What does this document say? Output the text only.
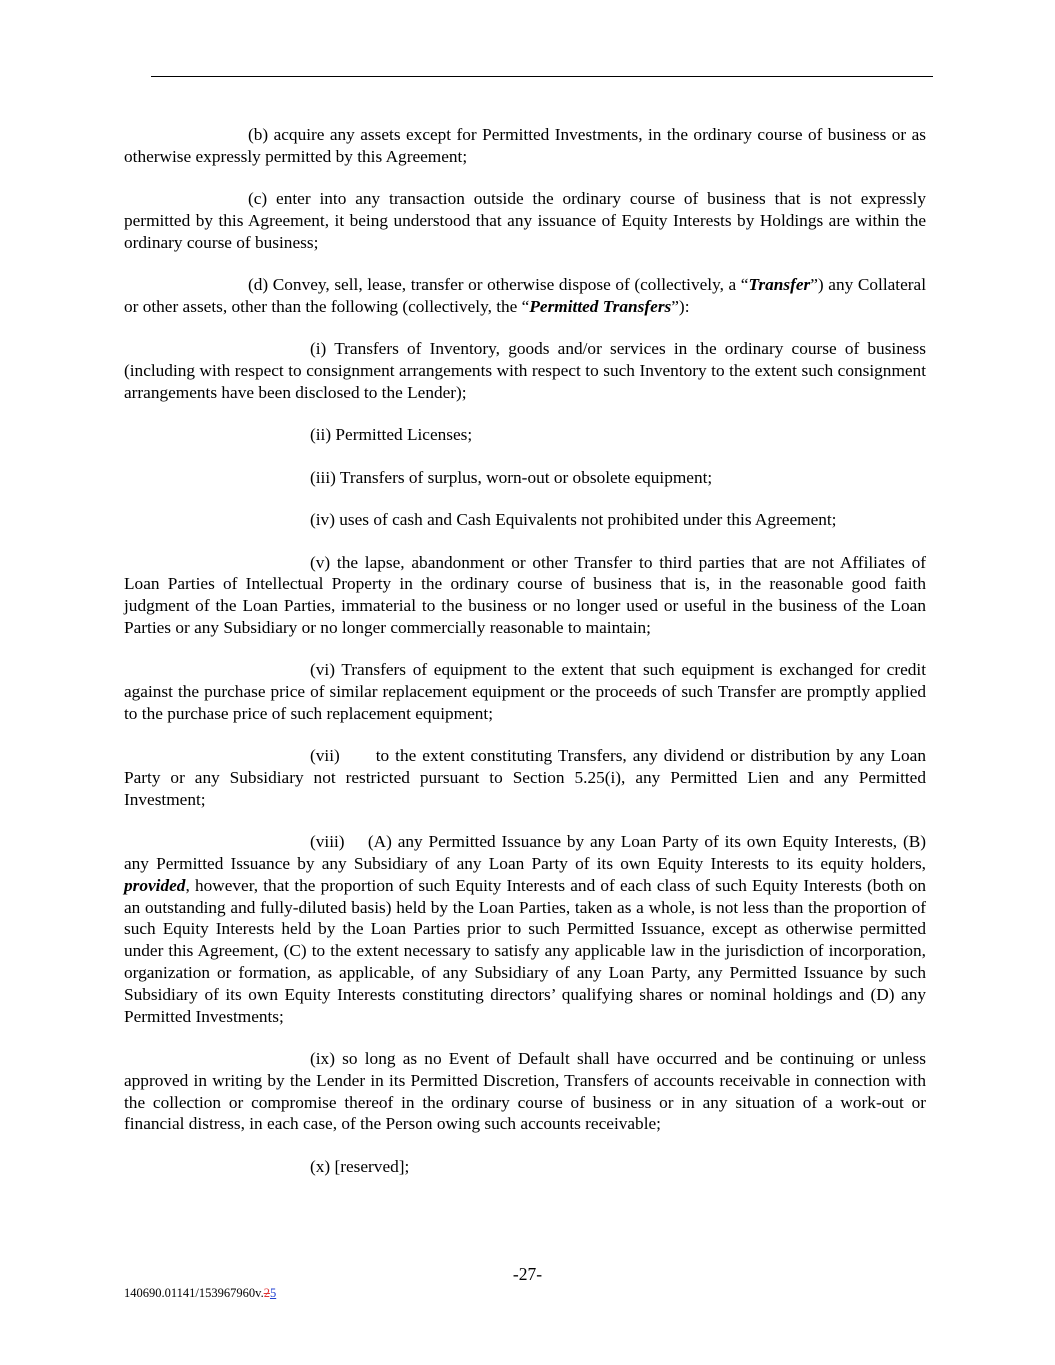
(b) acquire any assets except for Permitted Investments, in the ordinary course of business or as otherwise expressly permitted by this Agreement;

(c) enter into any transaction outside the ordinary course of business that is not expressly permitted by this Agreement, it being understood that any issuance of Equity Interests by Holdings are within the ordinary course of business;

(d) Convey, sell, lease, transfer or otherwise dispose of (collectively, a “Transfer”) any Collateral or other assets, other than the following (collectively, the “Permitted Transfers”):

(i) Transfers of Inventory, goods and/or services in the ordinary course of business (including with respect to consignment arrangements with respect to such Inventory to the extent such consignment arrangements have been disclosed to the Lender);

(ii) Permitted Licenses;

(iii) Transfers of surplus, worn-out or obsolete equipment;

(iv) uses of cash and Cash Equivalents not prohibited under this Agreement;

(v) the lapse, abandonment or other Transfer to third parties that are not Affiliates of Loan Parties of Intellectual Property in the ordinary course of business that is, in the reasonable good faith judgment of the Loan Parties, immaterial to the business or no longer used or useful in the business of the Loan Parties or any Subsidiary or no longer commercially reasonable to maintain;

(vi) Transfers of equipment to the extent that such equipment is exchanged for credit against the purchase price of similar replacement equipment or the proceeds of such Transfer are promptly applied to the purchase price of such replacement equipment;

(vii)      to the extent constituting Transfers, any dividend or distribution by any Loan Party or any Subsidiary not restricted pursuant to Section 5.25(i), any Permitted Lien and any Permitted Investment;

(viii)    (A) any Permitted Issuance by any Loan Party of its own Equity Interests, (B) any Permitted Issuance by any Subsidiary of any Loan Party of its own Equity Interests to its equity holders, provided, however, that the proportion of such Equity Interests and of each class of such Equity Interests (both on an outstanding and fully-diluted basis) held by the Loan Parties, taken as a whole, is not less than the proportion of such Equity Interests held by the Loan Parties prior to such Permitted Issuance, except as otherwise permitted under this Agreement, (C) to the extent necessary to satisfy any applicable law in the jurisdiction of incorporation, organization or formation, as applicable, of any Subsidiary of any Loan Party, any Permitted Issuance by such Subsidiary of its own Equity Interests constituting directors’ qualifying shares or nominal holdings and (D) any Permitted Investments;

(ix) so long as no Event of Default shall have occurred and be continuing or unless approved in writing by the Lender in its Permitted Discretion, Transfers of accounts receivable in connection with the collection or compromise thereof in the ordinary course of business or in any situation of a work-out or financial distress, in each case, of the Person owing such accounts receivable;

(x) [reserved];

-27-
140690.01141/153967960v.25
